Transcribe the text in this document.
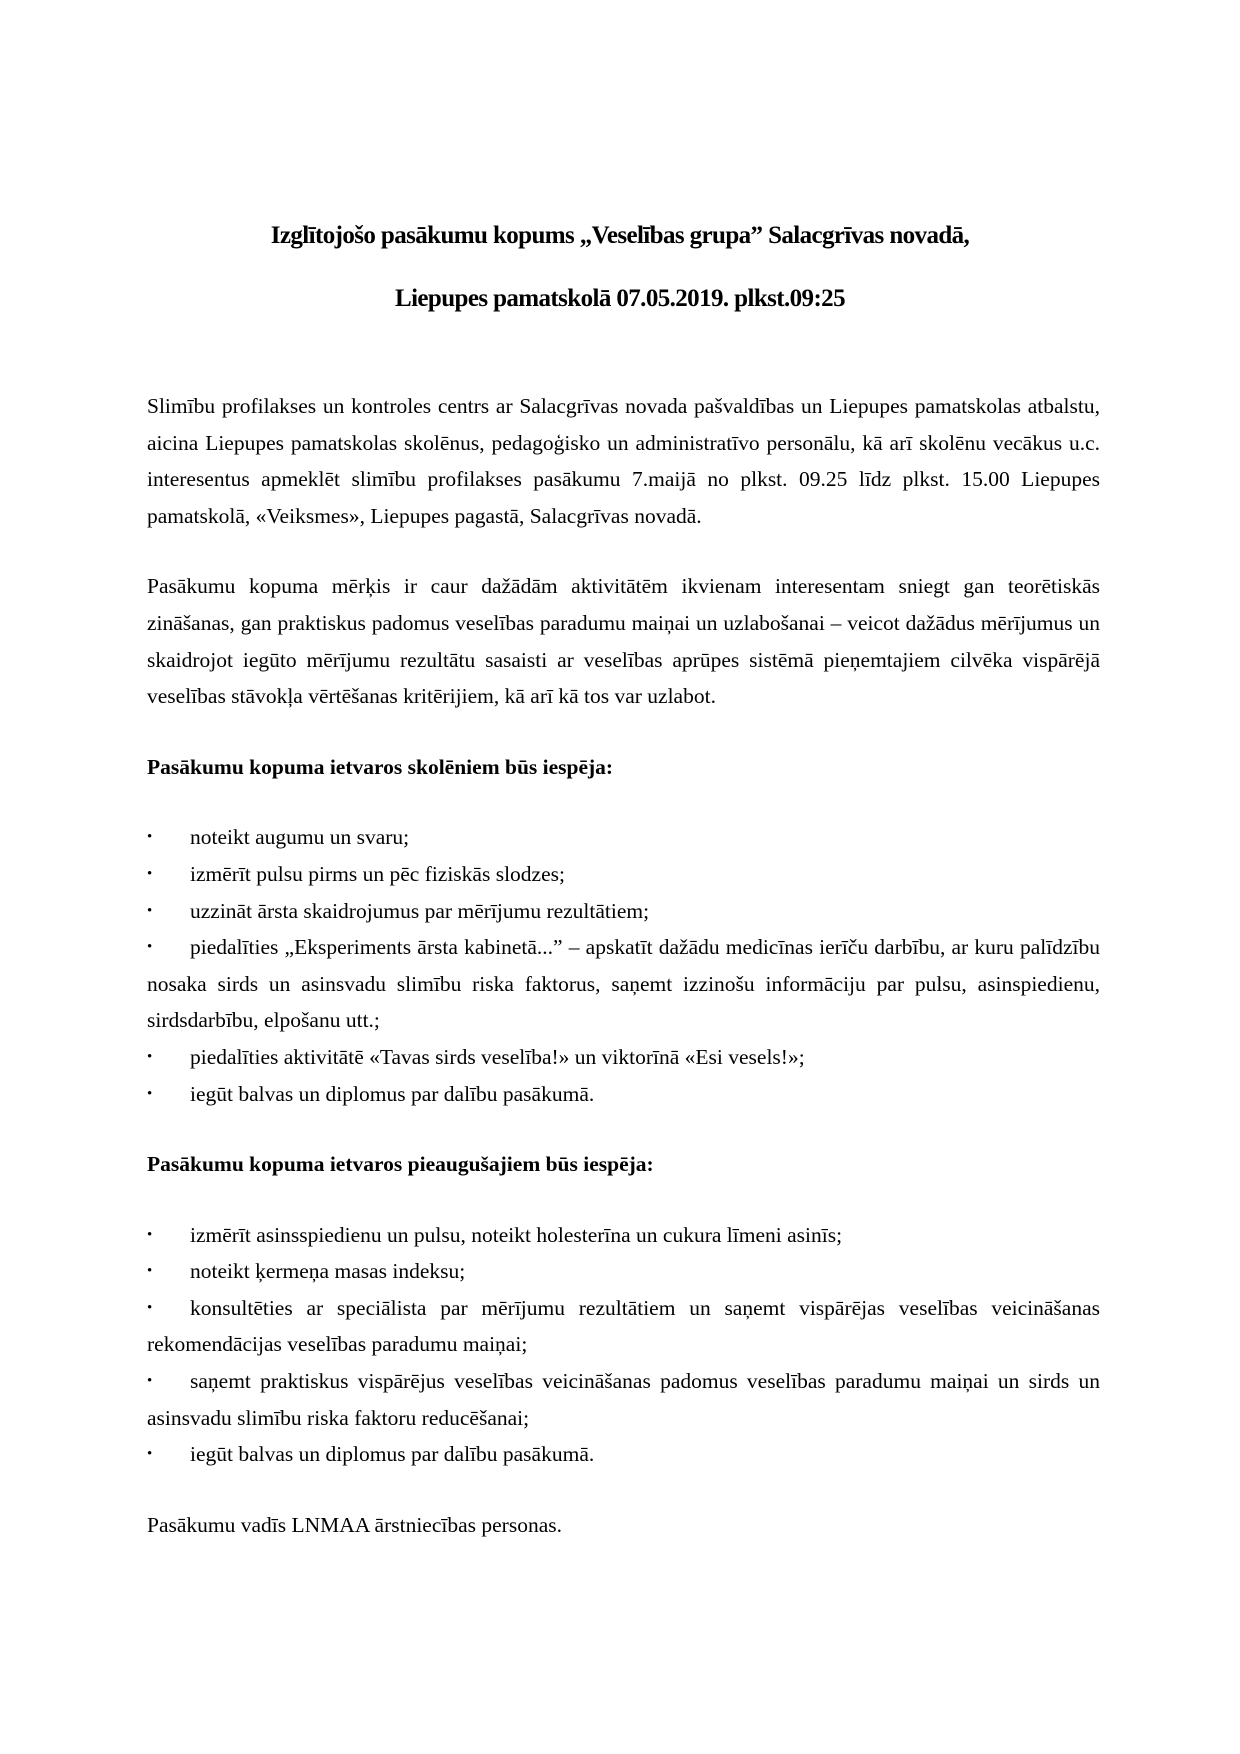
Izglītojošo pasākumu kopums „Veselības grupa” Salacgrīvas novadā,
Liepupes pamatskolā 07.05.2019. plkst.09:25

Slimību profilakses un kontroles centrs ar Salacgrīvas novada pašvaldības un Liepupes pamatskolas atbalstu, aicina Liepupes pamatskolas skolēnus, pedagoģisko un administratīvo personālu, kā arī skolēnu vecākus u.c. interesentus apmeklēt slimību profilakses pasākumu 7.maijā no plkst. 09.25 līdz plkst. 15.00 Liepupes pamatskolā, «Veiksmes», Liepupes pagastā, Salacgrīvas novadā.

Pasākumu kopuma mērķis ir caur dažādām aktivitātēm ikvienam interesentam sniegt gan teorētiskās zināšanas, gan praktiskus padomus veselības paradumu maiņai un uzlabošanai – veicot dažādus mērījumus un skaidrojot iegūto mērījumu rezultātu sasaisti ar veselības aprūpes sistēmā pieņemtajiem cilvēka vispārējā veselības stāvokļa vērtēšanas kritērijiem, kā arī kā tos var uzlabot.

Pasākumu kopuma ietvaros skolēniem būs iespēja:

•	noteikt augumu un svaru;
•	izmērīt pulsu pirms un pēc fiziskās slodzes;
•	uzzināt ārsta skaidrojumus par mērījumu rezultātiem;
•	piedalīties „Eksperiments ārsta kabinetā...” – apskatīt dažādu medicīnas ierīču darbību, ar kuru palīdzību nosaka sirds un asinsvadu slimību riska faktorus, saņemt izzinošu informāciju par pulsu, asinspiedienu, sirdsdarbību, elpošanu utt.;
•	piedalīties aktivitātē «Tavas sirds veselība!» un viktorīnā «Esi vesels!»;
•	iegūt balvas un diplomus par dalību pasākumā.

Pasākumu kopuma ietvaros pieaugušajiem būs iespēja:

•	izmērīt asinsspiedienu un pulsu, noteikt holesterīna un cukura līmeni asinīs;
•	noteikt ķermeņa masas indeksu;
•	konsultēties ar speciālista par mērījumu rezultātiem un saņemt vispārējas veselības veicināšanas rekomendācijas veselības paradumu maiņai;
•	saņemt praktiskus vispārējus veselības veicināšanas padomus veselības paradumu maiņai un sirds un asinsvadu slimību riska faktoru reducēšanai;
•	iegūt balvas un diplomus par dalību pasākumā.

Pasākumu vadīs LNMAA ārstniecības personas.
